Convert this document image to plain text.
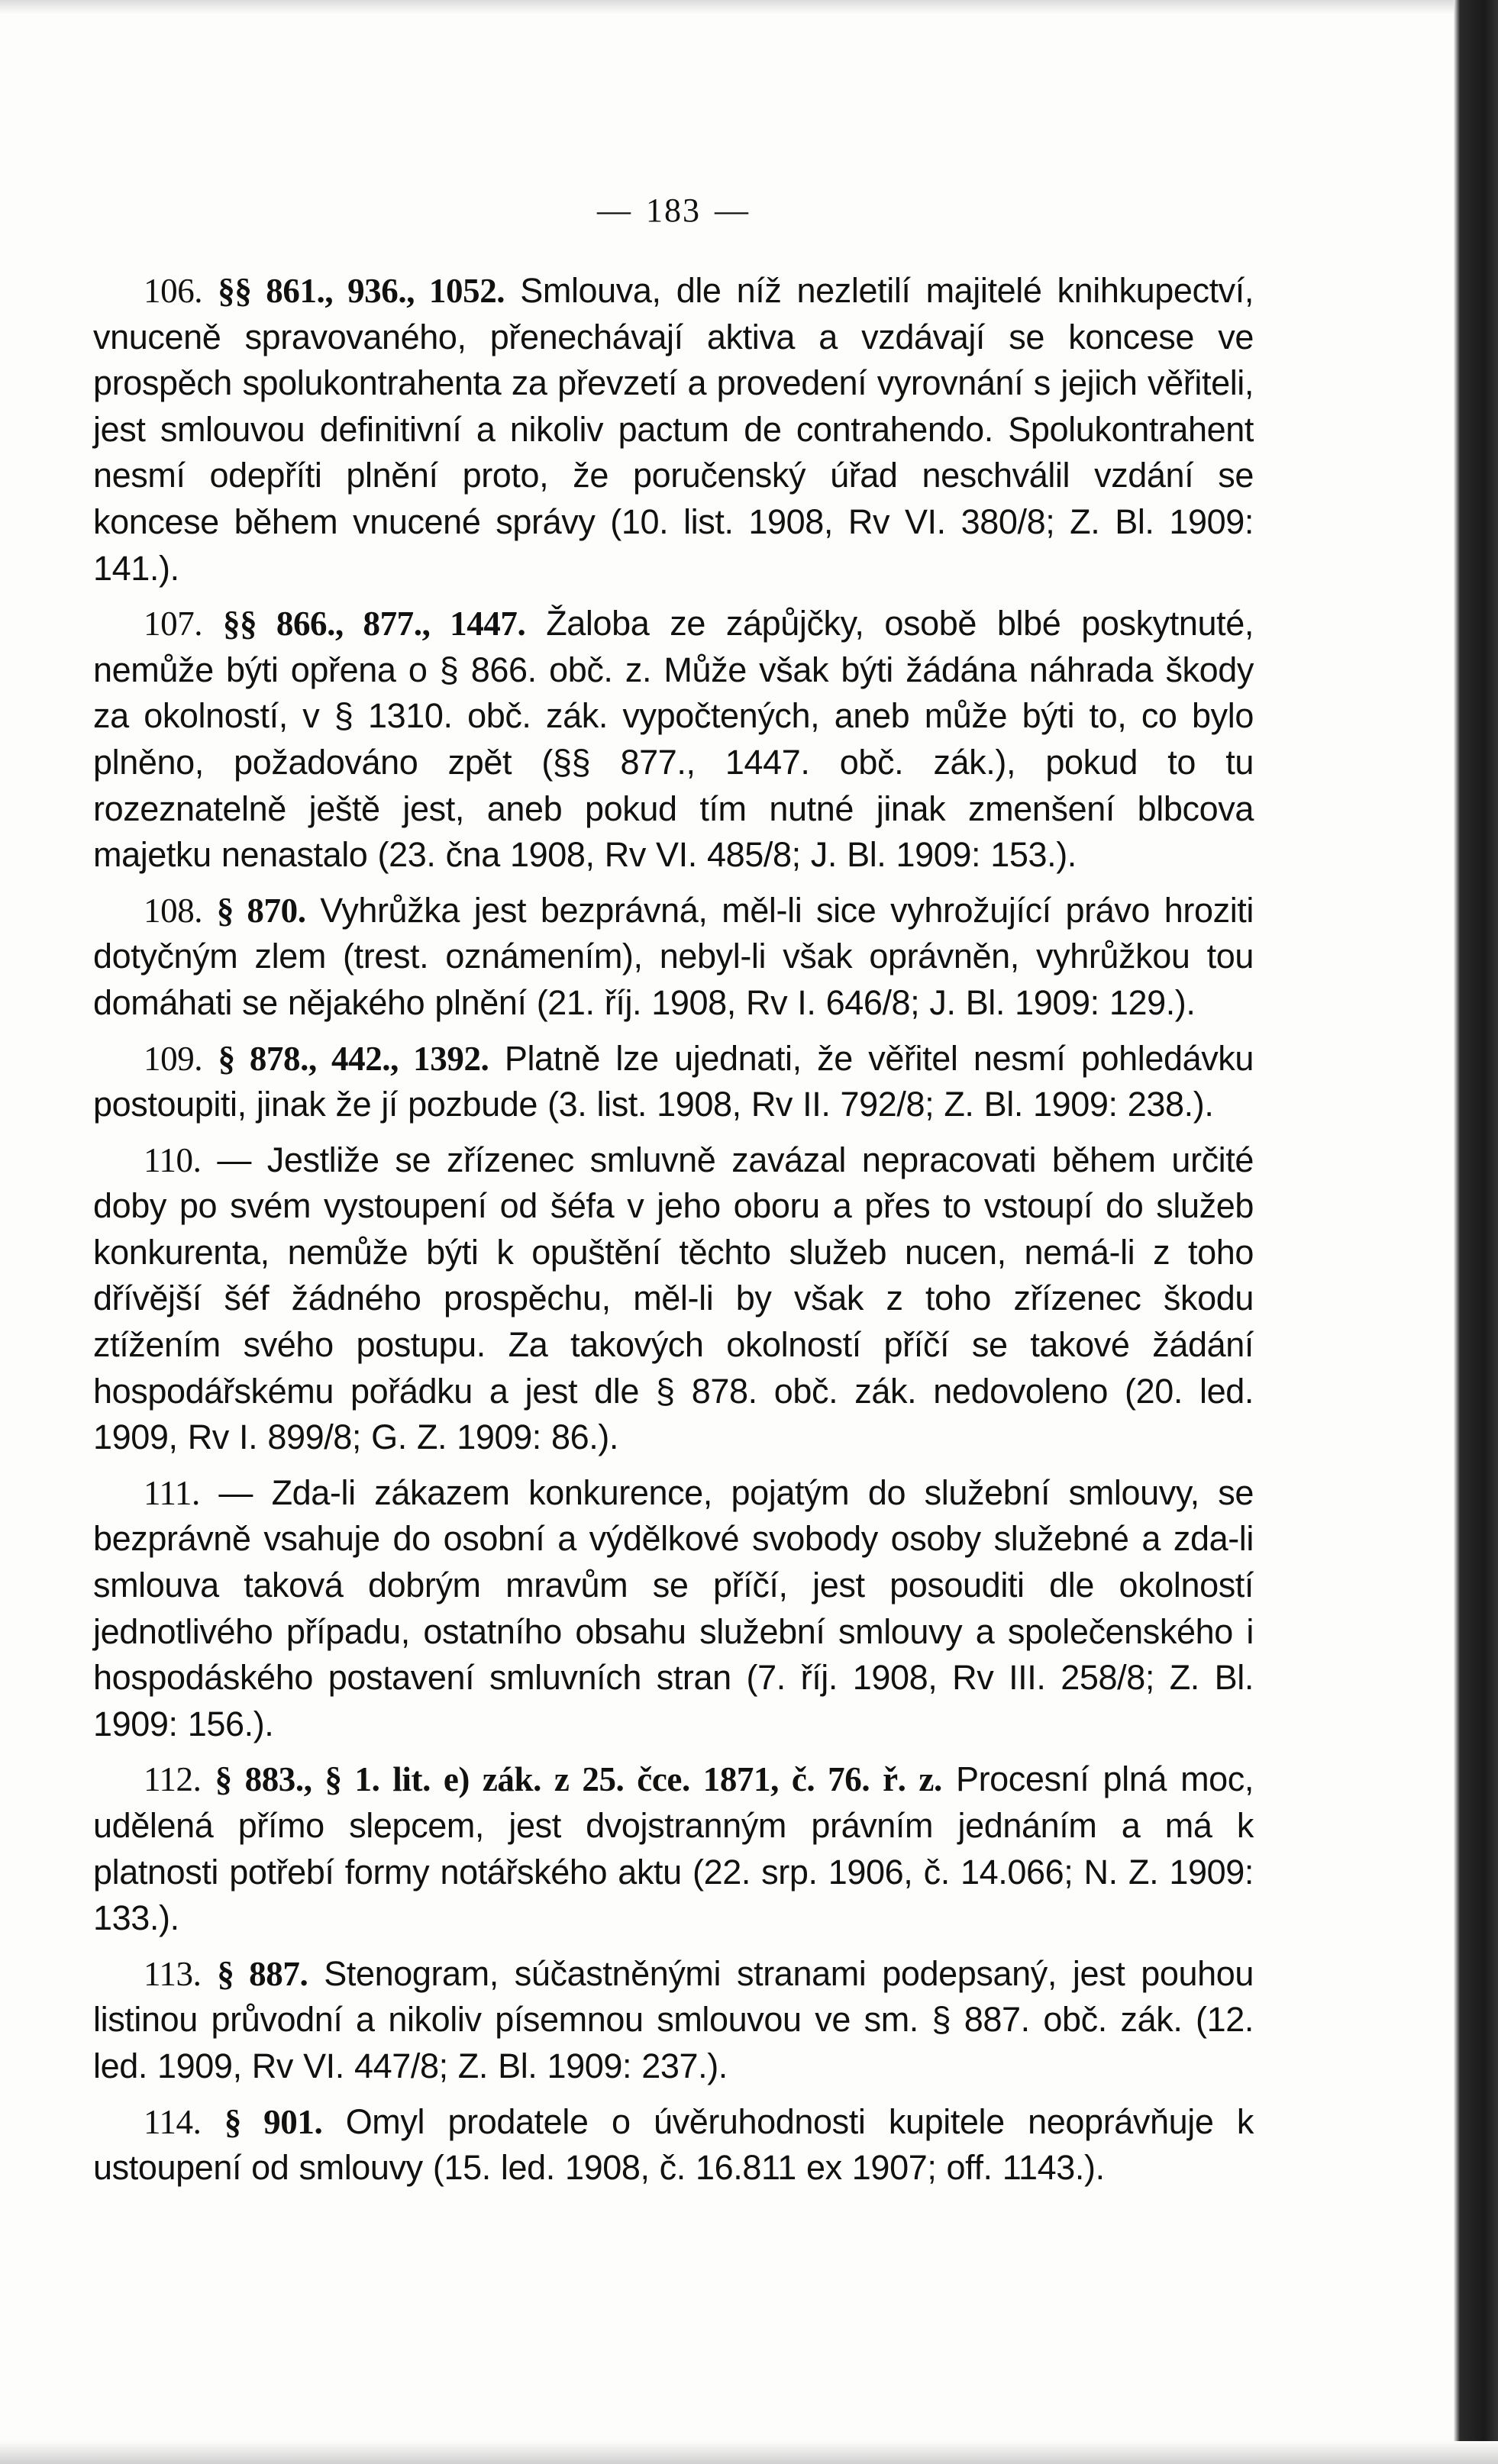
— 183 —

106. §§ 861., 936., 1052. Smlouva, dle níž nezletilí majitelé knihkupectví, vnuceně spravovaného, přenechávají aktiva a vzdávají se koncese ve prospěch spolukontrahenta za převzetí a provedení vyrovnání s jejich věřiteli, jest smlouvou definitivní a nikoliv pactum de contrahendo. Spolukontrahent nesmí odepříti plnění proto, že poručenský úřad neschválil vzdání se koncese během vnucené správy (10. list. 1908, Rv VI. 380/8; Z. Bl. 1909: 141.).

107. §§ 866., 877., 1447. Žaloba ze zápůjčky, osobě blbé poskytnuté, nemůže býti opřena o § 866. obč. z. Může však býti žádána náhrada škody za okolností, v § 1310. obč. zák. vypočtených, aneb může býti to, co bylo plněno, požadováno zpět (§§ 877., 1447. obč. zák.), pokud to tu rozeznatelně ještě jest, aneb pokud tím nutné jinak zmenšení blbcova majetku nenastalo (23. čna 1908, Rv VI. 485/8; J. Bl. 1909: 153.).

108. § 870. Vyhrůžka jest bezprávná, měl-li sice vyhrožující právo hroziti dotyčným zlem (trest. oznámením), nebyl-li však oprávněn, vyhrůžkou tou domáhati se nějakého plnění (21. říj. 1908, Rv I. 646/8; J. Bl. 1909: 129.).

109. § 878., 442., 1392. Platně lze ujednati, že věřitel nesmí pohledávku postoupiti, jinak že jí pozbude (3. list. 1908, Rv II. 792/8; Z. Bl. 1909: 238.).

110. — Jestliže se zřízenec smluvně zavázal nepracovati během určité doby po svém vystoupení od šéfa v jeho oboru a přes to vstoupí do služeb konkurenta, nemůže býti k opuštění těchto služeb nucen, nemá-li z toho dřívější šéf žádného prospěchu, měl-li by však z toho zřízenec škodu ztížením svého postupu. Za takových okolností příčí se takové žádání hospodářskému pořádku a jest dle § 878. obč. zák. nedovoleno (20. led. 1909, Rv I. 899/8; G. Z. 1909: 86.).

111. — Zda-li zákazem konkurence, pojatým do služební smlouvy, se bezprávně vsahuje do osobní a výdělkové svobody osoby služebné a zda-li smlouva taková dobrým mravům se příčí, jest posouditi dle okolností jednotlivého případu, ostatního obsahu služební smlouvy a společenského i hospodáského postavení smluvních stran (7. říj. 1908, Rv III. 258/8; Z. Bl. 1909: 156.).

112. § 883., § 1. lit. e) zák. z 25. čce. 1871, č. 76. ř. z. Procesní plná moc, udělená přímo slepcem, jest dvojstranným právním jednáním a má k platnosti potřebí formy notářského aktu (22. srp. 1906, č. 14.066; N. Z. 1909: 133.).

113. § 887. Stenogram, súčastněnými stranami podepsaný, jest pouhou listinou průvodní a nikoliv písemnou smlouvou ve sm. § 887. obč. zák. (12. led. 1909, Rv VI. 447/8; Z. Bl. 1909: 237.).

114. § 901. Omyl prodatele o úvěruhodnosti kupitele neoprávňuje k ustoupení od smlouvy (15. led. 1908, č. 16.811 ex 1907; off. 1143.).
